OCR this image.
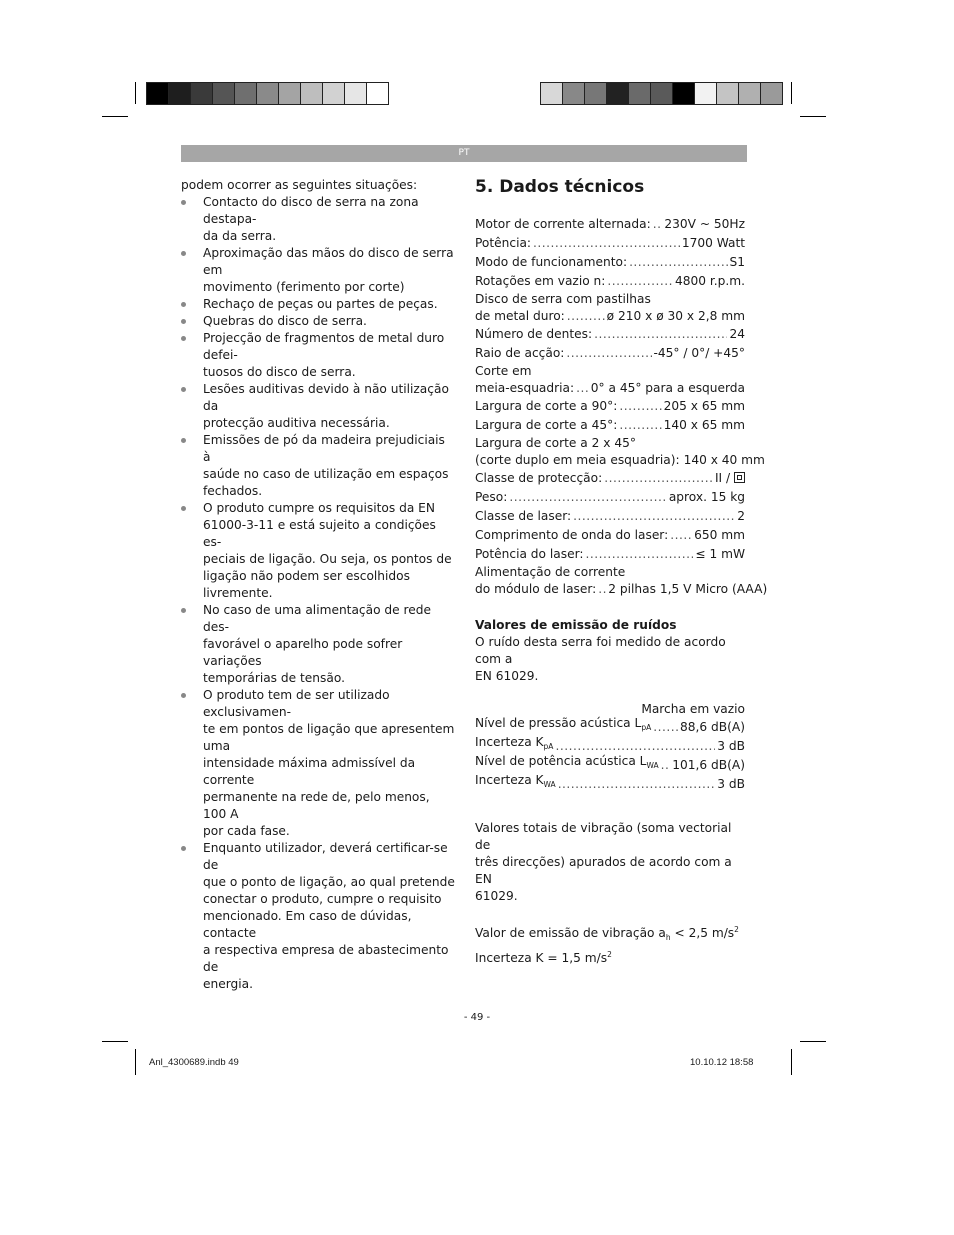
PT

podem ocorrer as seguintes situações:

Contacto do disco de serra na zona destapa-
da da serra.
Aproximação das mãos do disco de serra em
movimento (ferimento por corte)
Rechaço de peças ou partes de peças.
Quebras do disco de serra.
Projecção de fragmentos de metal duro defei-
tuosos do disco de serra.
Lesões auditivas devido à não utilização da
protecção auditiva necessária.
Emissões de pó da madeira prejudiciais à
saúde no caso de utilização em espaços
fechados.
O produto cumpre os requisitos da EN
61000-3-11 e está sujeito a condições es-
peciais de ligação. Ou seja, os pontos de
ligação não podem ser escolhidos livremente.
No caso de uma alimentação de rede des-
favorável o aparelho pode sofrer variações
temporárias de tensão.
O produto tem de ser utilizado exclusivamen-
te em pontos de ligação que apresentem uma
intensidade máxima admissível da corrente
permanente na rede de, pelo menos, 100 A
por cada fase.
Enquanto utilizador, deverá certificar-se de
que o ponto de ligação, ao qual pretende
conectar o produto, cumpre o requisito
mencionado. Em caso de dúvidas, contacte
a respectiva empresa de abastecimento de
energia.
5. Dados técnicos
Motor de corrente alternada: ..... 230V ~ 50Hz
Potência: .....	1700 Watt
Modo de funcionamento: .....	S1
Rotações em vazio n: .....	4800 r.p.m.
Disco de serra com pastilhas
de metal duro: .....	ø 210 x ø 30 x 2,8 mm
Número de dentes: .....	24
Raio de acção: .....	-45° / 0°/ +45°
Corte em
meia-esquadria: ..... 0° a 45° para a esquerda
Largura de corte a 90°: .....	205 x 65 mm
Largura de corte a 45°: .....	140 x 65 mm
Largura de corte a 2 x 45°
(corte duplo em meia esquadria): 140 x 40 mm
Classe de protecção: .....	II /
Peso: .....	aprox. 15 kg
Classe de laser: .....	2
Comprimento de onda do laser: ..... 650 mm
Potência do laser: .....	≤ 1 mW
Alimentação de corrente
do módulo de laser: ..... 2 pilhas 1,5 V Micro (AAA)
Valores de emissão de ruídos
O ruído desta serra foi medido de acordo com a
EN 61029.
Marcha em vazio
Nível de pressão acústica $L_{pA}$ ..... 88,6 dB(A)
Incerteza $K_{pA}$ .....	3 dB
Nível de potência acústica $L_{WA}$ ..... 101,6 dB(A)
Incerteza $K_{WA}$ .....	3 dB
Valores totais de vibração (soma vectorial de
três direcções) apurados de acordo com a EN
61029.
Valor de emissão de vibração $a_h < 2,5$ $m/s^2$
Incerteza K = 1,5 $m/s^2$
- 49 -
Anl_4300689.indb 49	10.10.12 18:58
